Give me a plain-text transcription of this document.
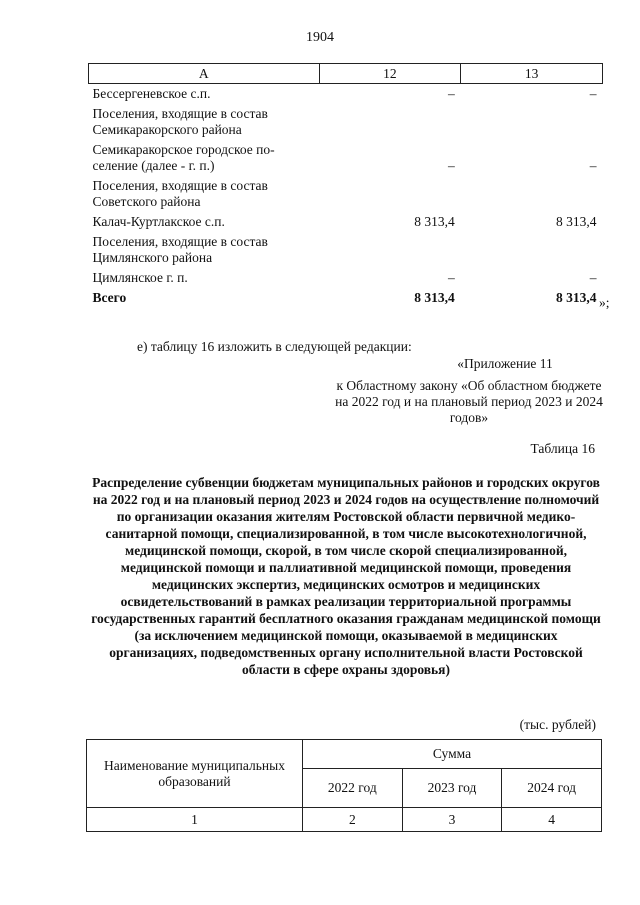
1904
А	12	13
Бессергеневское с.п.	–	–
Поселения, входящие в состав Семикаракорского района		
Семикаракорское городское по-
селение (далее - г. п.)	–	–
Поселения, входящие в состав Советского района		
Калач-Куртлакское с.п.	8 313,4	8 313,4
Поселения, входящие в состав Цимлянского района		
Цимлянское г. п.	–	–
Всего	8 313,4	8 313,4 »;
е) таблицу 16 изложить в следующей редакции:
«Приложение 11
к Областному закону «Об областном бюджете на 2022 год и на плановый период 2023 и 2024 годов»
Таблица 16
Распределение субвенции бюджетам муниципальных районов и городских округов на 2022 год и на плановый период 2023 и 2024 годов на осуществление полномочий по организации оказания жителям Ростовской области первичной медико-санитарной помощи, специализированной, в том числе высокотехнологичной, медицинской помощи, скорой, в том числе скорой специализированной, медицинской помощи и паллиативной медицинской помощи, проведения медицинских экспертиз, медицинских осмотров и медицинских освидетельствований в рамках реализации территориальной программы государственных гарантий бесплатного оказания гражданам медицинской помощи (за исключением медицинской помощи, оказываемой в медицинских организациях, подведомственных органу исполнительной власти Ростовской области в сфере охраны здоровья)
(тыс. рублей)
Наименование муниципальных образований	Сумма		
	2022 год	2023 год	2024 год
1	2	3	4
